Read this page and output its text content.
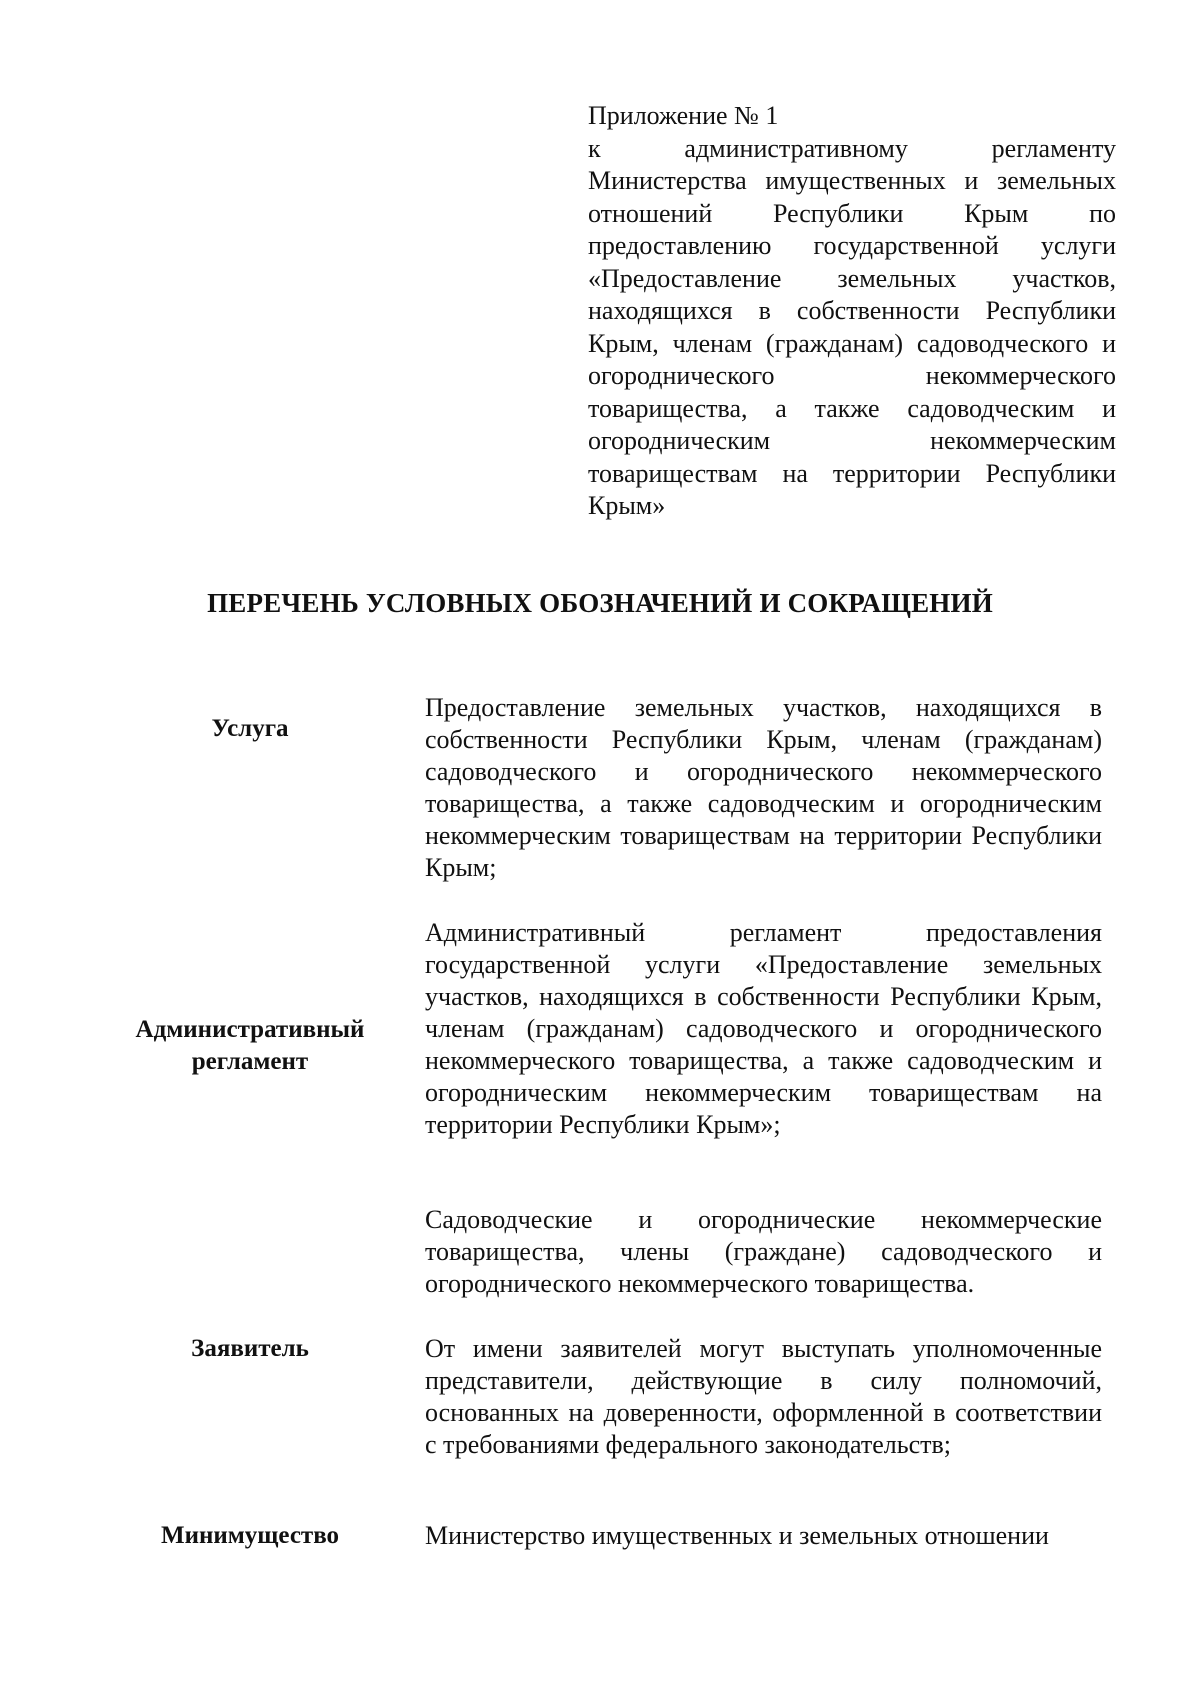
Приложение № 1
к административному регламенту Министерства имущественных и земельных отношений Республики Крым по предоставлению государственной услуги «Предоставление земельных участков, находящихся в собственности Республики Крым, членам (гражданам) садоводческого и огороднического некоммерческого товарищества, а также садоводческим и огородническим некоммерческим товариществам на территории Республики Крым»
ПЕРЕЧЕНЬ УСЛОВНЫХ ОБОЗНАЧЕНИЙ И СОКРАЩЕНИЙ
Услуга
Предоставление земельных участков, находящихся в собственности Республики Крым, членам (гражданам) садоводческого и огороднического некоммерческого товарищества, а также садоводческим и огородническим некоммерческим товариществам на территории Республики Крым;
Административный регламент
Административный регламент предоставления государственной услуги «Предоставление земельных участков, находящихся в собственности Республики Крым, членам (гражданам) садоводческого и огороднического некоммерческого товарищества, а также садоводческим и огородническим некоммерческим товариществам на территории Республики Крым»;
Садоводческие и огороднические некоммерческие товарищества, члены (граждане) садоводческого и огороднического некоммерческого товарищества.
Заявитель	От имени заявителей могут выступать уполномоченные представители, действующие в силу полномочий, основанных на доверенности, оформленной в соответствии с требованиями федерального законодательств;
Минимущество	Министерство имущественных и земельных отношении
